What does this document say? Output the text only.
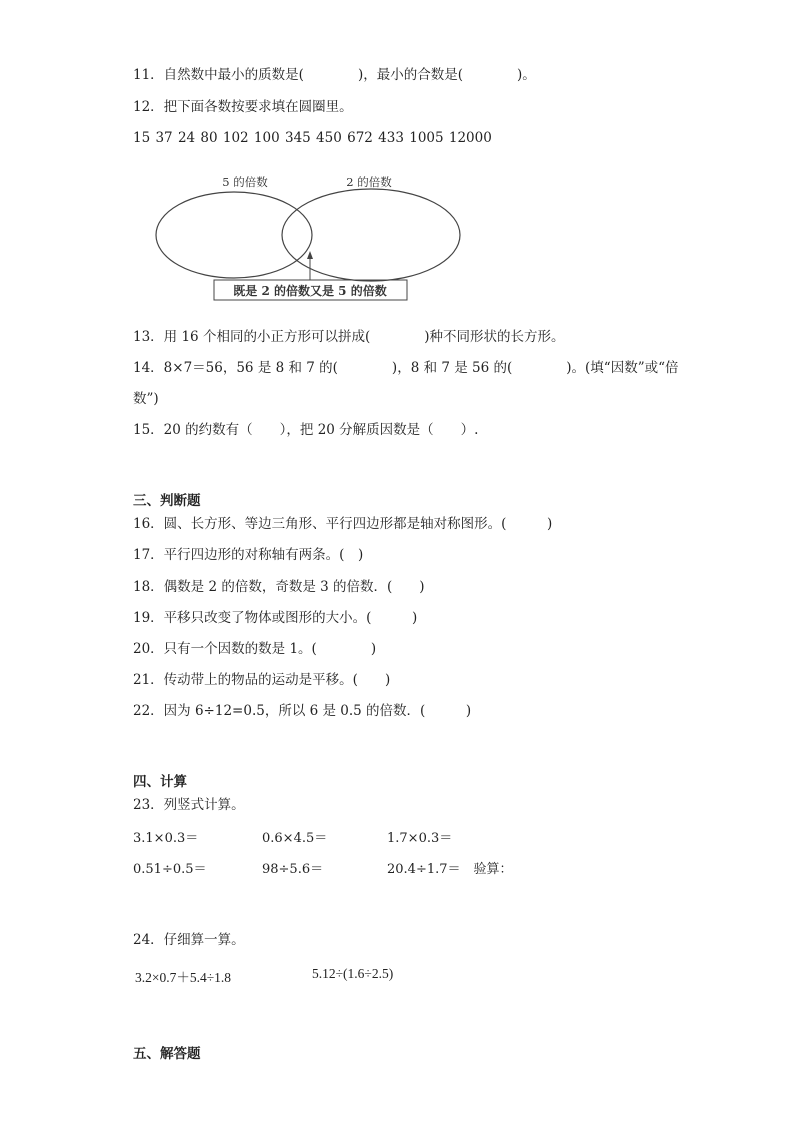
11．自然数中最小的质数是(　　　　)，最小的合数是(　　　　)。
12．把下面各数按要求填在圆圈里。
15 37 24 80 102 100 345 450 672 433 1005 12000
5 的倍数	2 的倍数
既是 2 的倍数又是 5 的倍数
13．用 16 个相同的小正方形可以拼成(　　　　)种不同形状的长方形。
14．8×7＝56，56 是 8 和 7 的(　　　　)，8 和 7 是 56 的(　　　　)。(填“因数”或“倍
数”)
15．20 的约数有（　　），把 20 分解质因数是（　　）.
三、判断题
16．圆、长方形、等边三角形、平行四边形都是轴对称图形。(　　　)
17．平行四边形的对称轴有两条。(　)
18．偶数是 2 的倍数，奇数是 3 的倍数．(　　)
19．平移只改变了物体或图形的大小。(　　　)
20．只有一个因数的数是 1。(　　　　)
21．传动带上的物品的运动是平移。(　　)
22．因为 6÷12=0.5，所以 6 是 0.5 的倍数．(　　　)
四、计算
23．列竖式计算。
3.1×0.3＝	0.6×4.5＝	1.7×0.3＝
0.51÷0.5＝	98÷5.6＝	20.4÷1.7＝　验算：
24．仔细算一算。
3.2×0.7＋5.4÷1.8	5.12÷(1.6÷2.5)
五、解答题
